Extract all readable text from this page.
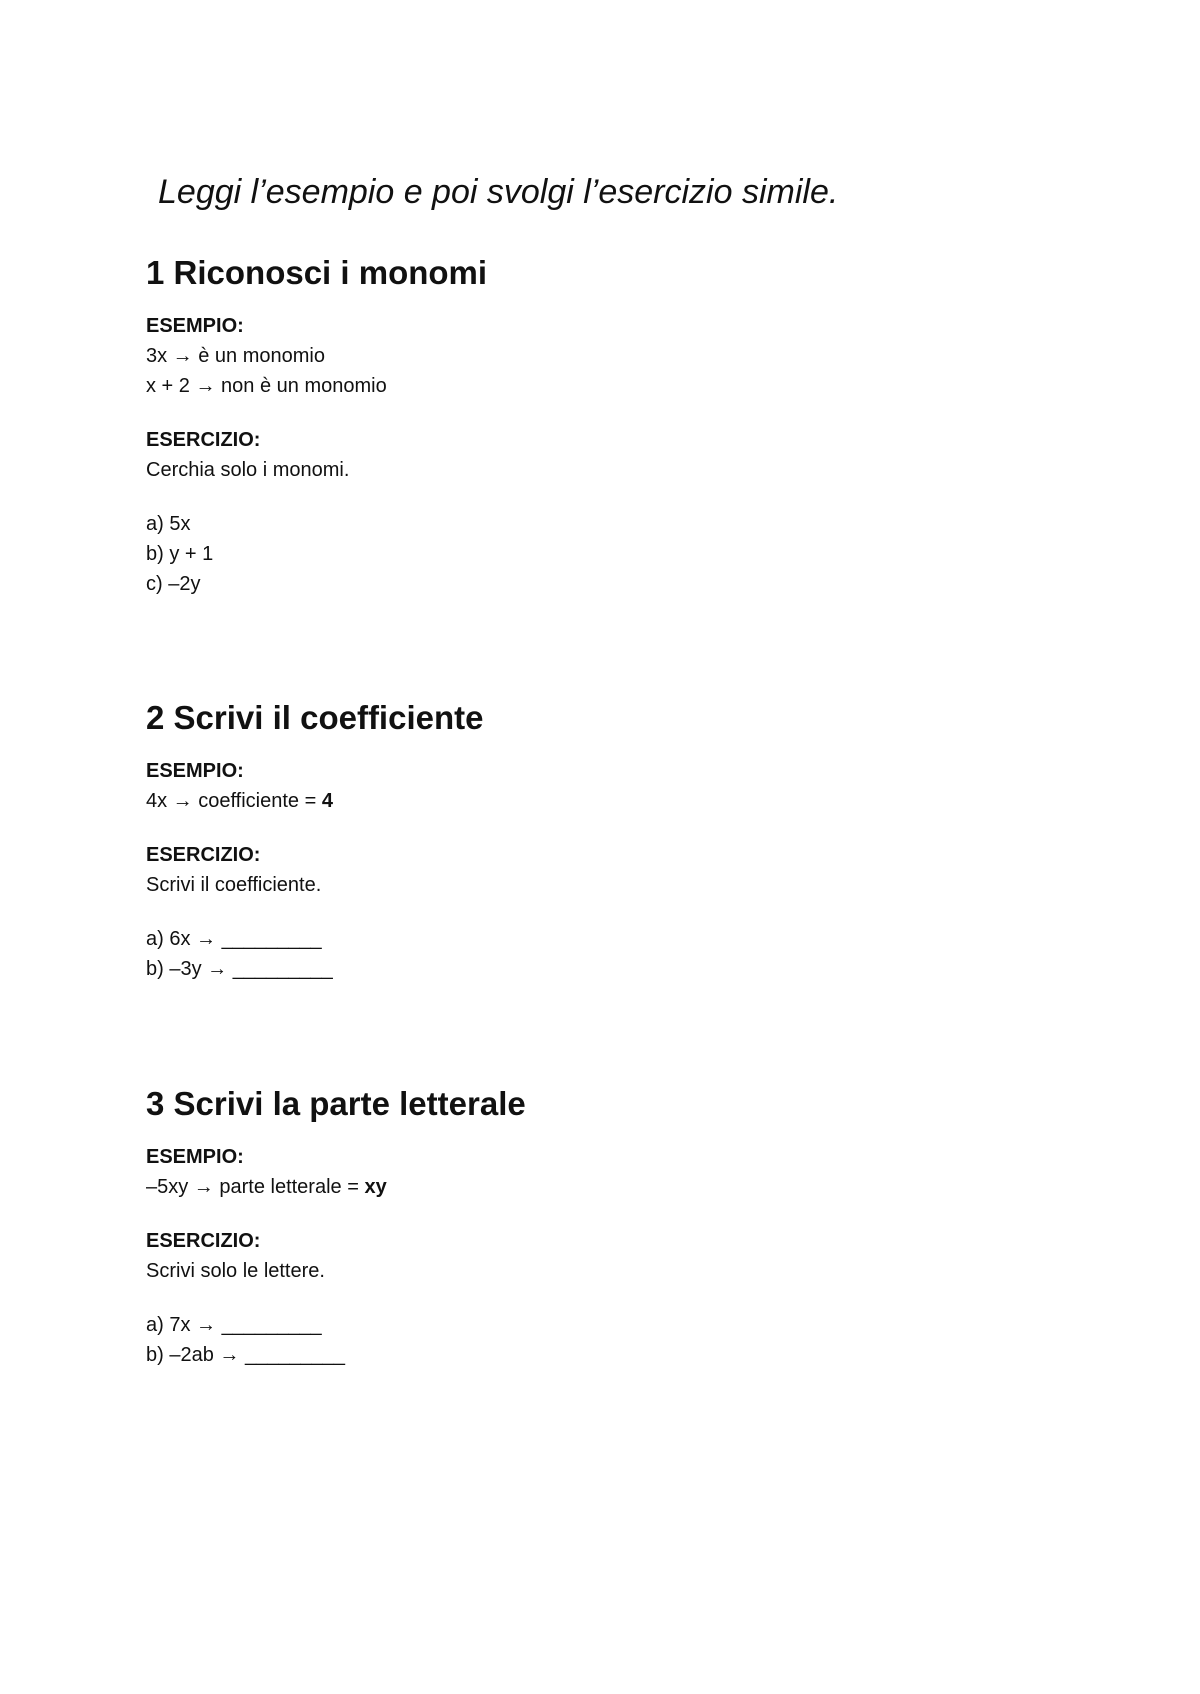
Leggi l’esempio e poi svolgi l’esercizio simile.
1 Riconosci i monomi
ESEMPIO:
3x → è un monomio
x + 2 → non è un monomio
ESERCIZIO:
Cerchia solo i monomi.
a) 5x
b) y + 1
c) –2y
2 Scrivi il coefficiente
ESEMPIO:
4x → coefficiente = 4
ESERCIZIO:
Scrivi il coefficiente.
a) 6x → _________
b) –3y → _________
3 Scrivi la parte letterale
ESEMPIO:
–5xy → parte letterale = xy
ESERCIZIO:
Scrivi solo le lettere.
a) 7x → _________
b) –2ab → _________
